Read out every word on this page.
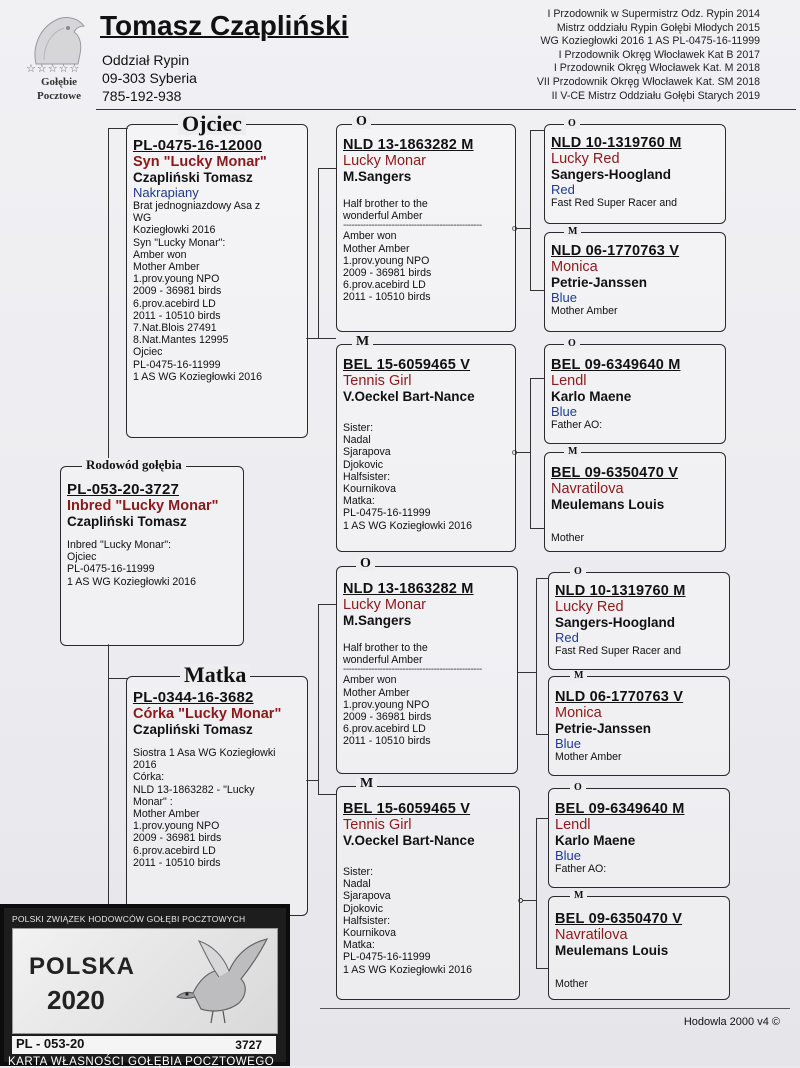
☆☆☆☆☆
Gołębie
Pocztowe
Tomasz Czapliński
Oddział Rypin
09-303 Syberia
785-192-938
I Przodownik w Supermistrz Odz. Rypin 2014
Mistrz oddziału Rypin Gołębi Młodych 2015
WG Koziegłowki 2016 1 AS PL-0475-16-11999
I Przodownik Okręg Włocławek Kat B 2017
I Przodownik Okręg Włocławek Kat. M 2018
VII Przodownik Okręg Włocławek Kat. SM 2018
II V-CE Mistrz Oddziału Gołębi Starych 2019
PL-0475-16-12000
Syn "Lucky Monar"
Czapliński Tomasz
Nakrapiany
Brat jednogniazdowy Asa z
WG
Koziegłowki 2016
Syn "Lucky Monar":
Amber won
Mother Amber
1.prov.young NPO
2009 - 36981 birds
6.prov.acebird LD
2011 - 10510 birds
7.Nat.Blois 27491
8.Nat.Mantes 12995
Ojciec
PL-0475-16-11999
1 AS WG Koziegłowki 2016
Ojciec
PL-053-20-3727
Inbred "Lucky Monar"
Czapliński Tomasz
Inbred "Lucky Monar":
Ojciec
PL-0475-16-11999
1 AS WG Koziegłowki 2016
Rodowód gołębia
PL-0344-16-3682
Córka "Lucky Monar"
Czapliński Tomasz
Siostra 1 Asa WG Koziegłowki
2016
Córka:
NLD 13-1863282 - "Lucky
Monar" :
Mother Amber
1.prov.young NPO
2009 - 36981 birds
6.prov.acebird LD
2011 - 10510 birds
Matka
NLD 13-1863282 M
Lucky Monar
M.Sangers
Half brother to the
wonderful Amber
-------------------------------------------------
Amber won
Mother Amber
1.prov.young NPO
2009 - 36981 birds
6.prov.acebird LD
2011 - 10510 birds
O
BEL 15-6059465 V
Tennis Girl
V.Oeckel Bart-Nance
Sister:
Nadal
Sjarapova
Djokovic
Halfsister:
Kournikova
Matka:
PL-0475-16-11999
1 AS WG Koziegłowki 2016
M
NLD 13-1863282 M
Lucky Monar
M.Sangers
Half brother to the
wonderful Amber
-------------------------------------------------
Amber won
Mother Amber
1.prov.young NPO
2009 - 36981 birds
6.prov.acebird LD
2011 - 10510 birds
O
BEL 15-6059465 V
Tennis Girl
V.Oeckel Bart-Nance
Sister:
Nadal
Sjarapova
Djokovic
Halfsister:
Kournikova
Matka:
PL-0475-16-11999
1 AS WG Koziegłowki 2016
M
NLD 10-1319760 M
Lucky Red
Sangers-Hoogland
Red
Fast Red Super Racer and
O
NLD 06-1770763 V
Monica
Petrie-Janssen
Blue
Mother Amber
M
BEL 09-6349640 M
Lendl
Karlo Maene
Blue
Father AO:
O
BEL 09-6350470 V
Navratilova
Meulemans Louis
Mother
M
NLD 10-1319760 M
Lucky Red
Sangers-Hoogland
Red
Fast Red Super Racer and
O
NLD 06-1770763 V
Monica
Petrie-Janssen
Blue
Mother Amber
M
BEL 09-6349640 M
Lendl
Karlo Maene
Blue
Father AO:
O
BEL 09-6350470 V
Navratilova
Meulemans Louis
Mother
M
Hodowla 2000 v4 ©
POLSKI ZWIĄZEK HODOWCÓW GOŁĘBI POCZTOWYCH
POLSKA
2020
PL - 053-20	3727
KARTA WŁASNOŚCI GOŁĘBIA POCZTOWEGO
